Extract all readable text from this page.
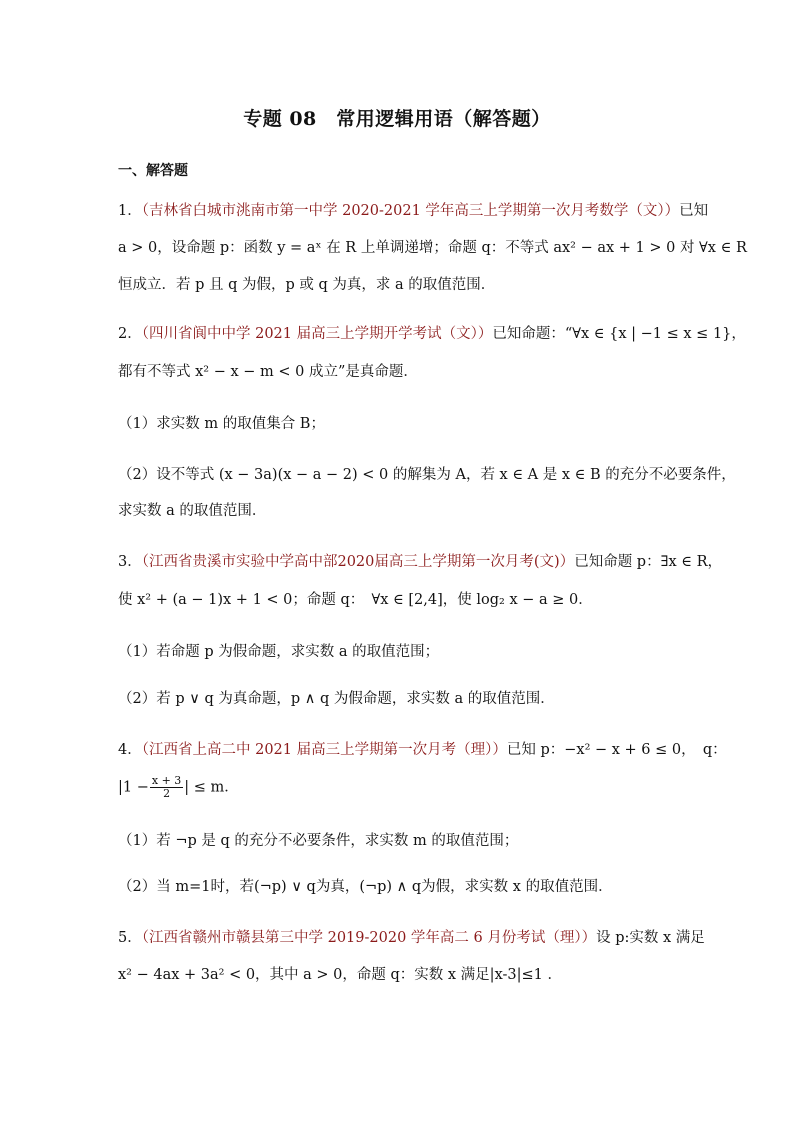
专题 08　常用逻辑用语（解答题）
一、解答题
1．（吉林省白城市洮南市第一中学 2020-2021 学年高三上学期第一次月考数学（文））已知
a > 0，设命题 p：函数 y = aˣ 在 R 上单调递增；命题 q：不等式 ax² − ax + 1 > 0 对 ∀x ∈ R
恒成立．若 p 且 q 为假，p 或 q 为真，求 a 的取值范围．
2．（四川省阆中中学 2021 届高三上学期开学考试（文））已知命题：“∀x ∈ {x | −1 ≤ x ≤ 1}，
都有不等式 x² − x − m < 0 成立”是真命题．
（1）求实数 m 的取值集合 B；
（2）设不等式 (x − 3a)(x − a − 2) < 0 的解集为 A，若 x ∈ A 是 x ∈ B 的充分不必要条件，
求实数 a 的取值范围．
3．（江西省贵溪市实验中学高中部2020届高三上学期第一次月考(文)）已知命题 p：∃x ∈ R，
使 x² + (a − 1)x + 1 < 0；命题 q：　∀x ∈ [2,4]，使 log₂ x − a ≥ 0．
（1）若命题 p 为假命题，求实数 a 的取值范围；
（2）若 p ∨ q 为真命题，p ∧ q 为假命题，求实数 a 的取值范围．
4．（江西省上高二中 2021 届高三上学期第一次月考（理））已知 p：−x² − x + 6 ≤ 0，　q：
$|1 - \frac{x + 3}{2}$ | ≤ m．
（1）若 ¬p 是 q 的充分不必要条件，求实数 m 的取值范围；
（2）当 m=1时，若(¬p) ∨ q为真，(¬p) ∧ q为假，求实数 x 的取值范围．
5．（江西省赣州市赣县第三中学 2019-2020 学年高二 6 月份考试（理））设 p:实数 x 满足
x² − 4ax + 3a² < 0，其中 a > 0，命题 q：实数 x 满足|x-3|≤1 ．
